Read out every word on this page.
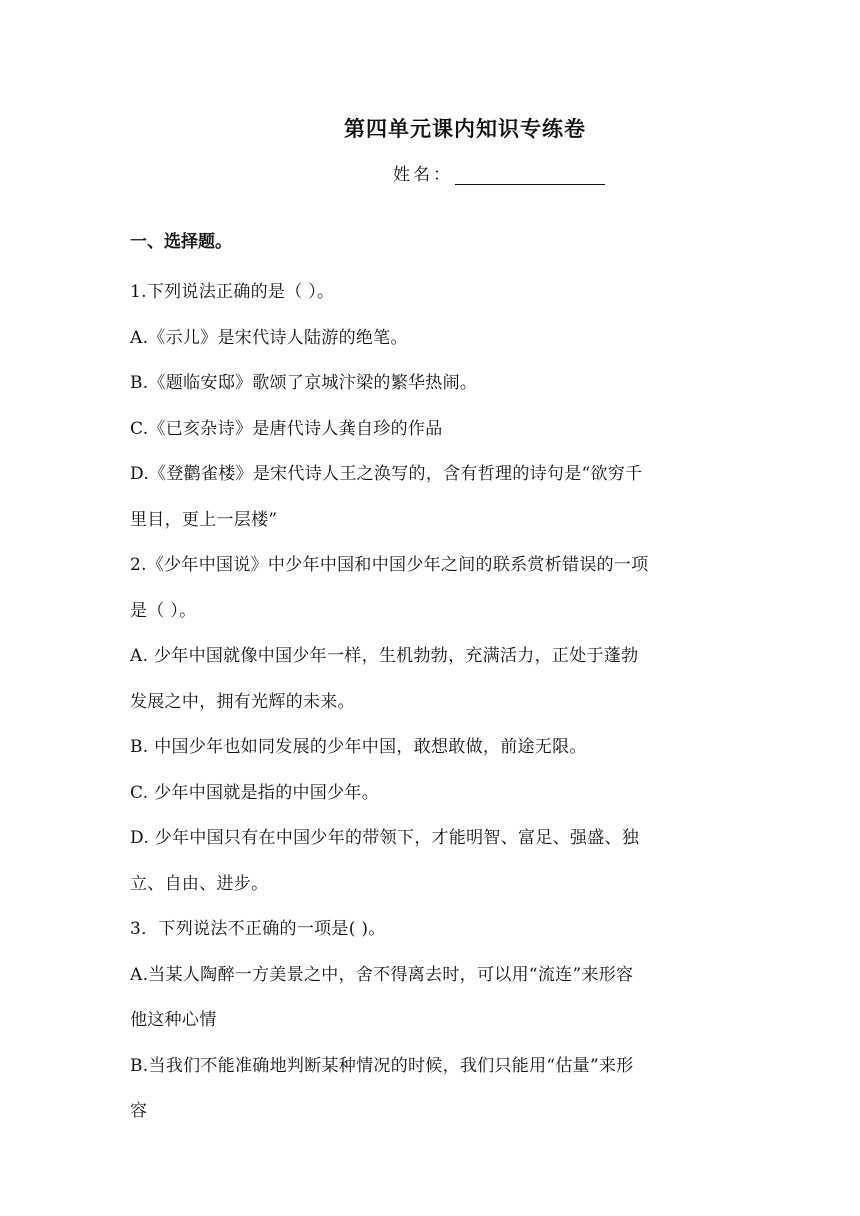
第四单元课内知识专练卷
姓名：
一、选择题。

1.下列说法正确的是（ ）。

A.《示儿》是宋代诗人陆游的绝笔。

B.《题临安邸》歌颂了京城汴梁的繁华热闹。

C.《已亥杂诗》是唐代诗人龚自珍的作品

D.《登鹳雀楼》是宋代诗人王之涣写的，含有哲理的诗句是“欲穷千

里目，更上一层楼”

2.《少年中国说》中少年中国和中国少年之间的联系赏析错误的一项

是（ ）。

A. 少年中国就像中国少年一样，生机勃勃，充满活力，正处于蓬勃

发展之中，拥有光辉的未来。

B. 中国少年也如同发展的少年中国，敢想敢做，前途无限。

C. 少年中国就是指的中国少年。

D. 少年中国只有在中国少年的带领下，才能明智、富足、强盛、独

立、自由、进步。

3．下列说法不正确的一项是( )。

A.当某人陶醉一方美景之中，舍不得离去时，可以用“流连”来形容

他这种心情

B.当我们不能准确地判断某种情况的时候，我们只能用“估量”来形

容
